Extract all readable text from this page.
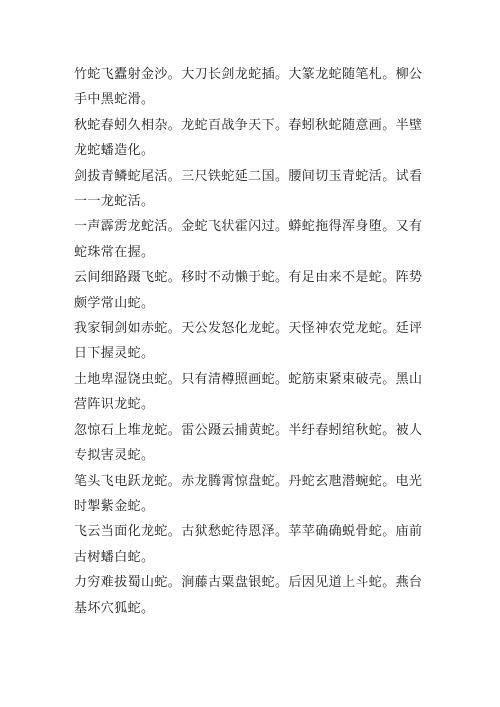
竹蛇飞蠹射金沙。大刀长剑龙蛇插。大篆龙蛇随笔札。柳公手中黑蛇滑。

秋蛇春蚓久相杂。龙蛇百战争天下。春蚓秋蛇随意画。半壁龙蛇蟠造化。

剑拔青鳞蛇尾活。三尺铁蛇延二国。腰间切玉青蛇活。试看一一龙蛇活。

一声霹雳龙蛇活。金蛇飞状霍闪过。蟒蛇拖得浑身堕。又有蛇珠常在握。

云间细路蹑飞蛇。移时不动懒于蛇。有足由来不是蛇。阵势颇学常山蛇。

我家铜剑如赤蛇。天公发怒化龙蛇。天怪神农党龙蛇。廷评日下握灵蛇。

土地卑湿饶虫蛇。只有清樽照画蛇。蛇筋束紧束破壳。黑山营阵识龙蛇。

忽惊石上堆龙蛇。雷公蹑云捕黄蛇。半纡春蚓绾秋蛇。被人专拟害灵蛇。

笔头飞电跃龙蛇。赤龙腾霄惊盘蛇。丹蛇玄虺潜蜿蛇。电光时掣紫金蛇。

飞云当面化龙蛇。古狱愁蛇待恩泽。苹苹确确蜕骨蛇。庙前古树蟠白蛇。

力穷难拔蜀山蛇。涧藤古粟盘银蛇。后因见道上斗蛇。燕台基坏穴狐蛇。
